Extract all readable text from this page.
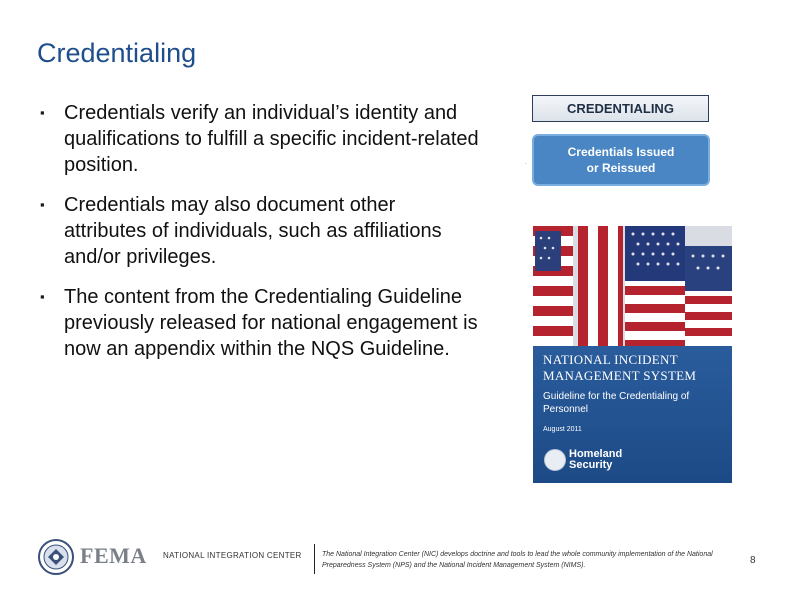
Credentialing
▪ Credentials verify an individual’s identity and qualifications to fulfill a specific incident-related position.
▪ Credentials may also document other attributes of individuals, such as affiliations and/or privileges.
▪ The content from the Credentialing Guideline previously released for national engagement is now an appendix within the NQS Guideline.
CREDENTIALING
.
Credentials Issued or Reissued
NATIONAL INCIDENT MANAGEMENT SYSTEM
Guideline for the Credentialing of Personnel
August 2011
Homeland Security
FEMA NATIONAL INTEGRATION CENTER	The National Integration Center (NIC) develops doctrine and tools to lead the whole community implementation of the National Preparedness System (NPS) and the National Incident Management System (NIMS).	8
